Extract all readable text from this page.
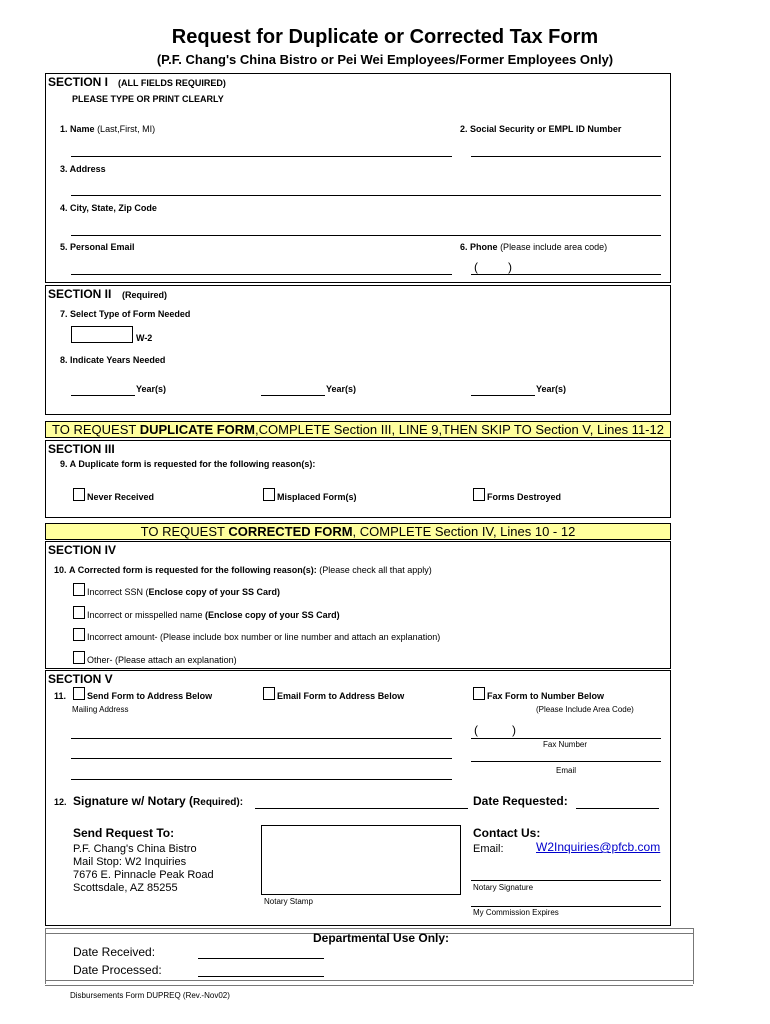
Request for Duplicate or Corrected Tax Form
(P.F. Chang's China Bistro or Pei Wei Employees/Former Employees Only)
SECTION I (ALL FIELDS REQUIRED)
PLEASE TYPE OR PRINT CLEARLY
1. Name (Last,First, MI)	2. Social Security or EMPL ID Number
3. Address
4. City, State, Zip Code
5. Personal Email	6. Phone (Please include area code)
(	)
SECTION II (Required)
7. Select Type of Form Needed
W-2
8. Indicate Years Needed
Year(s)	Year(s)	Year(s)
TO REQUEST DUPLICATE FORM,COMPLETE Section III, LINE 9,THEN SKIP TO Section V, Lines 11-12
SECTION III
9. A Duplicate form is requested for the following reason(s):
Never Received	Misplaced Form(s)	Forms Destroyed
TO REQUEST CORRECTED FORM, COMPLETE Section IV, Lines 10 - 12
SECTION IV
10. A Corrected form is requested for the following reason(s): (Please check all that apply)
Incorrect SSN (Enclose copy of your SS Card)
Incorrect or misspelled name (Enclose copy of your SS Card)
Incorrect amount- (Please include box number or line number and attach an explanation)
Other- (Please attach an explanation)
SECTION V
11. Send Form to Address Below	Email Form to Address Below	Fax Form to Number Below
Mailing Address	(Please Include Area Code)
(	)
Fax Number
Email
12. Signature w/ Notary (Required):	Date Requested:
Send Request To:
P.F. Chang's China Bistro
Mail Stop: W2 Inquiries
7676 E. Pinnacle Peak Road
Scottsdale, AZ 85255
Notary Stamp
Contact Us:
Email:	W2Inquiries@pfcb.com
Notary Signature
My Commission Expires
Departmental Use Only:
Date Received:
Date Processed:
Disbursements Form DUPREQ (Rev.-Nov02)
